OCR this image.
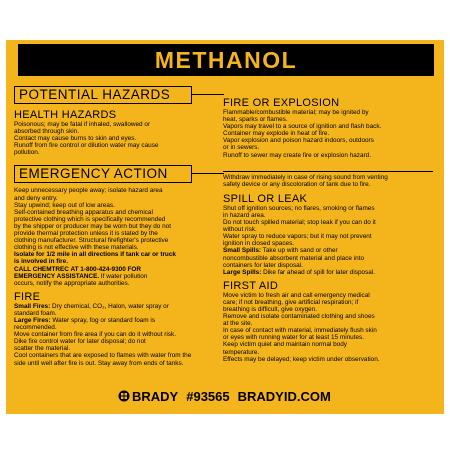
METHANOL
POTENTIAL HAZARDS
HEALTH HAZARDS
Poisonous; may be fatal if inhaled, swallowed or
absorbed through skin.
Contact may cause burns to skin and eyes.
Runoff from fire control or dilution water may cause
pollution.
EMERGENCY ACTION
Keep unnecessary people away; isolate hazard area
and deny entry.
Stay upwind; keep out of low areas.
Self-contained breathing apparatus and chemical
protective clothing which is specifically recommended
by the shipper or producer may be worn but they do not
provide thermal protection unless it is stated by the
clothing manufacturer. Structural firefighter's protective
clothing is not effective with these materials.
Isolate for 1/2 mile in all directions if tank car or truck
is involved in fire.
CALL CHEMTREC AT 1-800-424-9300 FOR
EMERGENCY ASSISTANCE. If water pollution
occurs, notify the appropriate authorities.
FIRE
Small Fires: Dry chemical, CO₂, Halon, water spray or
standard foam.
Large Fires: Water spray, fog or standard foam is
recommended.
Move container from fire area if you can do it without risk.
Dike fire control water for later disposal; do not
scatter the material.
Cool containers that are exposed to flames with water from the
side until well after fire is out. Stay away from ends of tanks.
FIRE OR EXPLOSION
Flammable/combustible material; may be ignited by
heat, sparks or flames.
Vapors may travel to a source of ignition and flash back.
Container may explode in heat of fire.
Vapor explosion and poison hazard indoors, outdoors
or in sewers.
Runoff to sewer may create fire or explosion hazard.
Withdraw immediately in case of rising sound from venting
safety device or any discoloration of tank due to fire.
SPILL OR LEAK
Shut off ignition sources; no flares, smoking or flames
in hazard area.
Do not touch spilled material; stop leak if you can do it
without risk.
Water spray to reduce vapors; but it may not prevent
ignition in closed spaces.
Small Spills: Take up with sand or other
noncombustible absorbent material and place into
containers for later disposal.
Large Spills: Dike far ahead of spill for later disposal.
FIRST AID
Move victim to fresh air and call emergency medical
care; if not breathing, give artificial respiration; if
breathing is difficult, give oxygen.
Remove and isolate contaminated clothing and shoes
at the site.
In case of contact with material, immediately flush skin
or eyes with running water for at least 15 minutes.
Keep victim quiet and maintain normal body
temperature.
Effects may be delayed; keep victim under observation.
BRADY #93565 BRADYID.COM
